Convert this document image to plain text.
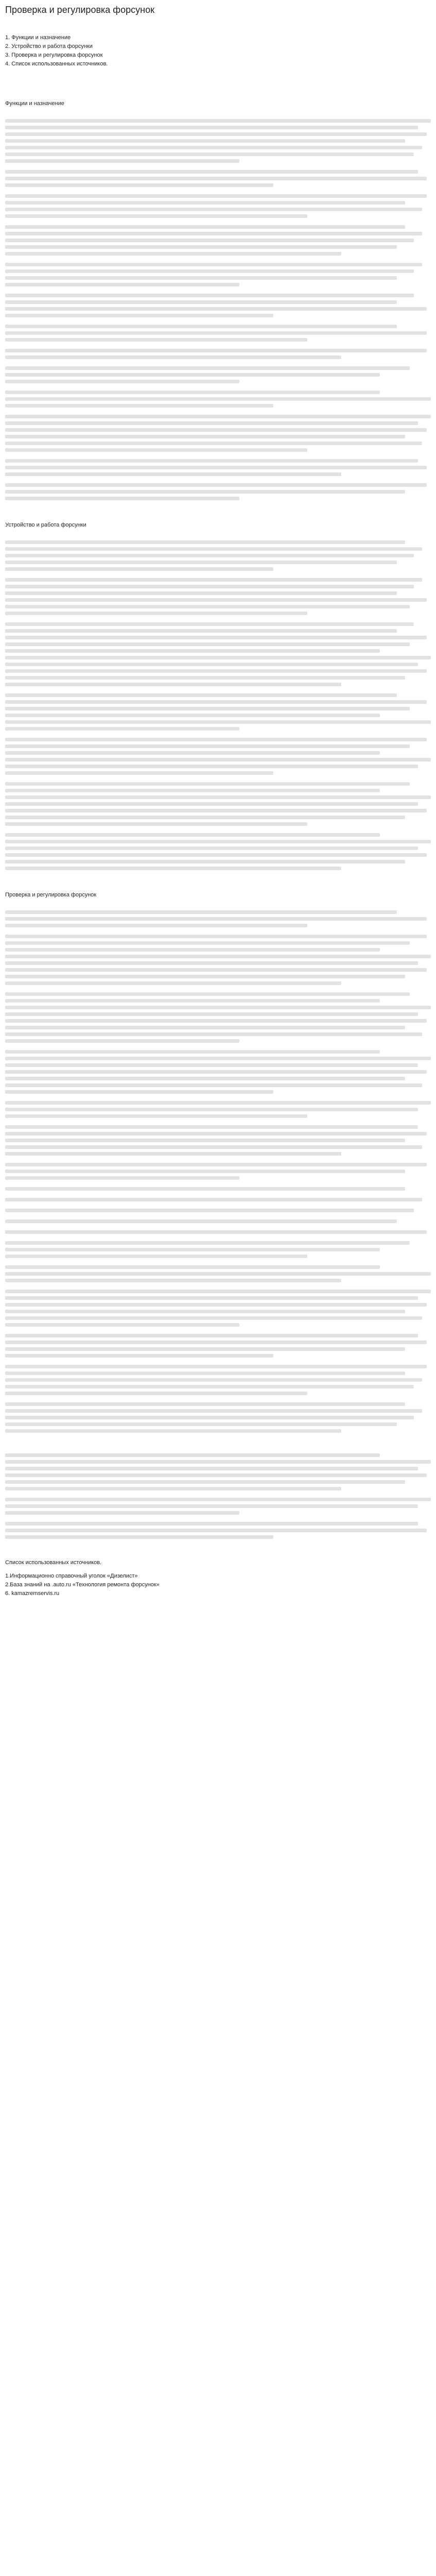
Проверка и регулировка форсунок
1. Функции и назначение
2. Устройство и работа форсунки
3. Проверка и регулировка форсунок
4. Список использованных источников.
Функции и назначение
Устройство и работа форсунки
Проверка и регулировка форсунок
Список использованных источников.
1.Информационно справочный уголок «Дизелист»
2.База знаний на .auto.ru «Технология ремонта форсунок»
6. kamazremservis.ru
